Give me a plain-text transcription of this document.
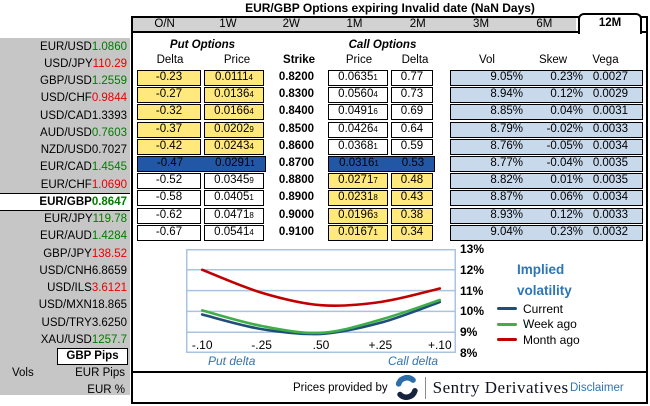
EUR/GBP Options expiring Invalid date (NaN Days)
EUR/USD 1.0860
USD/JPY 110.29
GBP/USD 1.2559
USD/CHF 0.9844
USD/CAD 1.3393
AUD/USD 0.7603
NZD/USD 0.7027
EUR/CAD 1.4545
EUR/CHF 1.0690
EUR/GBP 0.8647
EUR/JPY 119.78
EUR/AUD 1.4284
GBP/JPY 138.52
USD/CNH 6.8659
USD/ILS 3.6121
USD/MXN 18.865
USD/TRY 3.6250
XAU/USD 1257.7
GBP Pips
Vols	EUR Pips
EUR %
O/N	1W	2W	1M	2M	3M	6M	12M
Put Options	Call Options
Delta	Price	Strike	Price	Delta	Vol	Skew	Vega
-0.23	0.01114	0.8200	0.06351	0.77	9.05%	0.23% 0.0027
-0.27	0.01364	0.8300	0.05604	0.73	8.94%	0.12% 0.0029
-0.32	0.01664	0.8400	0.04916	0.69	8.85%	0.04% 0.0031
-0.37	0.02029	0.8500	0.04264	0.64	8.79%	-0.02% 0.0033
-0.42	0.02434	0.8600	0.03681	0.59	8.76%	-0.05% 0.0034
-0.47	0.02911	0.8700	0.03161	0.53	8.77%	-0.04% 0.0035
-0.52	0.03459	0.8800	0.02717	0.48	8.82%	0.01% 0.0035
-0.58	0.04051	0.8900	0.02318	0.43	8.87%	0.06% 0.0034
-0.62	0.04718	0.9000	0.01963	0.38	8.93%	0.12% 0.0033
-0.67	0.05414	0.9100	0.01671	0.34	9.04%	0.23% 0.0032
13%
12%
11%
10%
9%
8%
-.10	-.25	.50	+.25	+.10
Put delta	Call delta
Implied volatility
Current
Week ago
Month ago
Prices provided by	Sentry Derivatives Disclaimer
